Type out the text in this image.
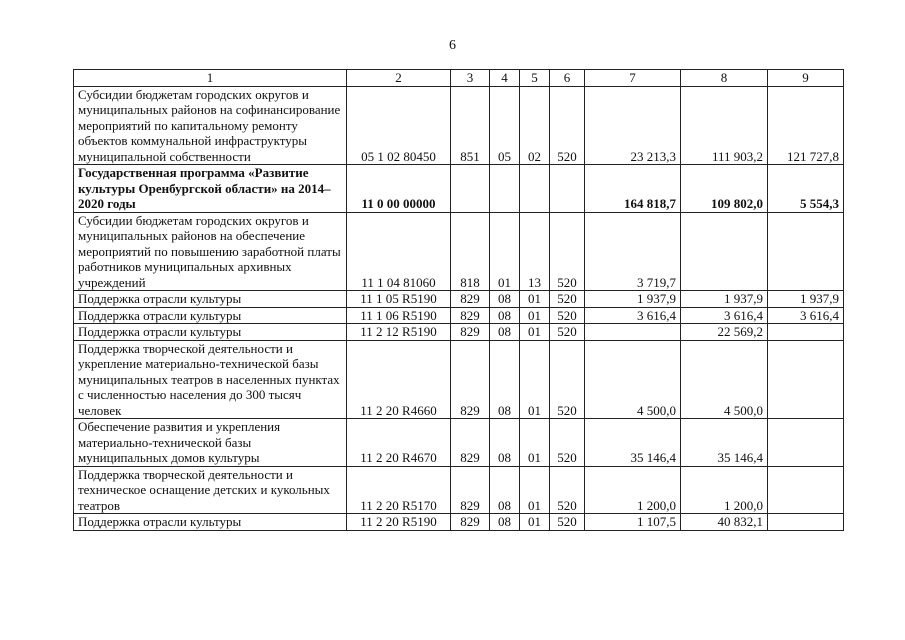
6
1	2	3	4	5	6	7	8	9
Субсидии бюджетам городских округов и муниципальных районов на софинансирование мероприятий по капитальному ремонту объектов коммунальной инфраструктуры муниципальной собственности	05 1 02 80450	851	05	02	520	23 213,3	111 903,2	121 727,8
Государственная программа «Развитие культуры Оренбургской области» на 2014–2020 годы	11 0 00 00000					164 818,7	109 802,0	5 554,3
Субсидии бюджетам городских округов и муниципальных районов на обеспечение мероприятий по повышению заработной платы работников муниципальных архивных учреждений	11 1 04 81060	818	01	13	520	3 719,7		
Поддержка отрасли культуры	11 1 05 R5190	829	08	01	520	1 937,9	1 937,9	1 937,9
Поддержка отрасли культуры	11 1 06 R5190	829	08	01	520	3 616,4	3 616,4	3 616,4
Поддержка отрасли культуры	11 2 12 R5190	829	08	01	520		22 569,2	
Поддержка творческой деятельности и укрепление материально-технической базы муниципальных театров в населенных пунктах с численностью населения до 300 тысяч человек	11 2 20 R4660	829	08	01	520	4 500,0	4 500,0	
Обеспечение развития и укрепления материально-технической базы муниципальных домов культуры	11 2 20 R4670	829	08	01	520	35 146,4	35 146,4	
Поддержка творческой деятельности и техническое оснащение детских и кукольных театров	11 2 20 R5170	829	08	01	520	1 200,0	1 200,0	
Поддержка отрасли культуры	11 2 20 R5190	829	08	01	520	1 107,5	40 832,1	
